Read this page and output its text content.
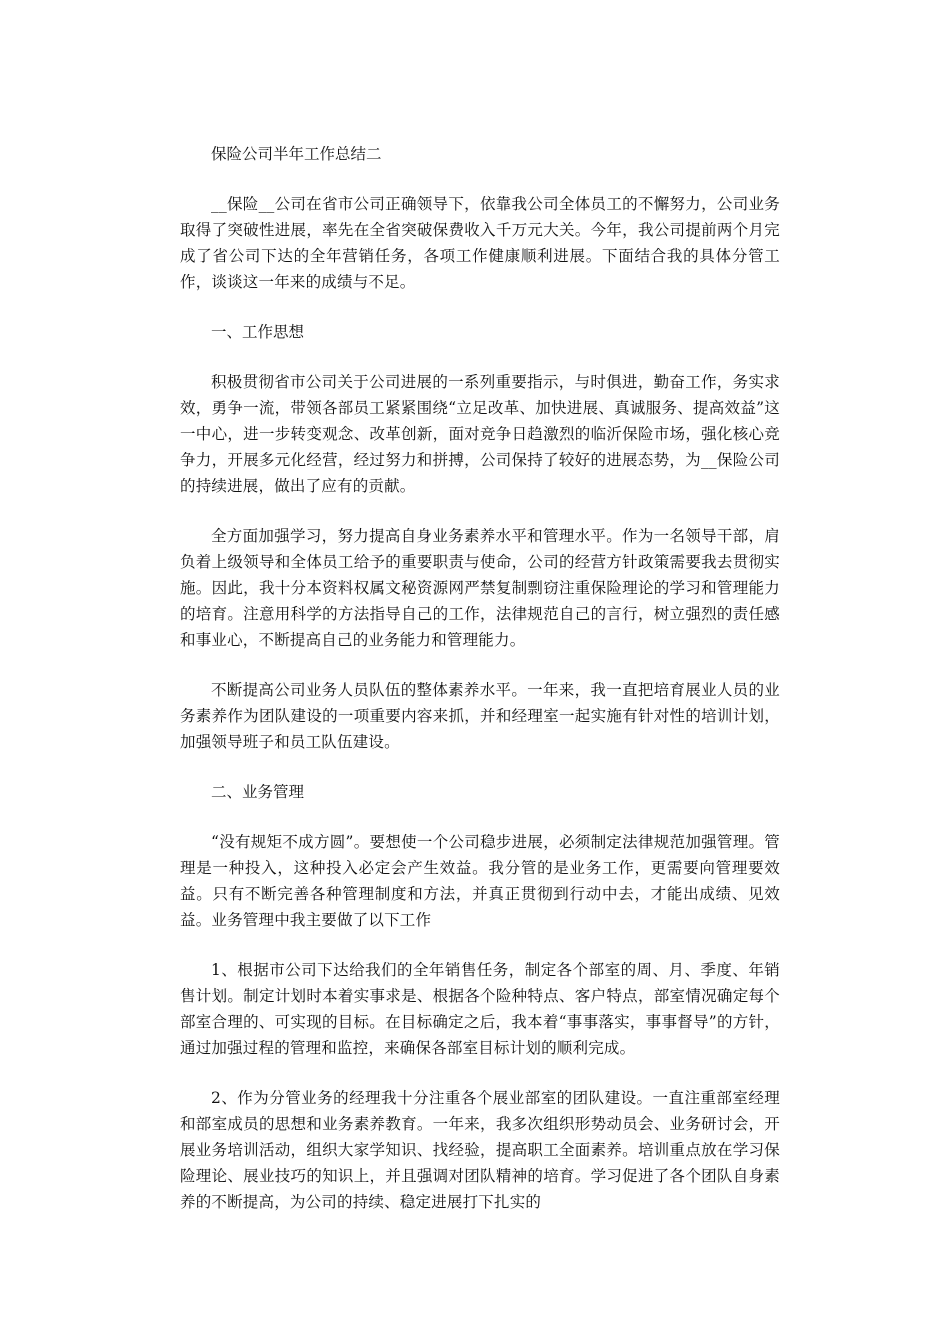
保险公司半年工作总结二

__保险__公司在省市公司正确领导下，依靠我公司全体员工的不懈努力，公司业务取得了突破性进展，率先在全省突破保费收入千万元大关。今年，我公司提前两个月完成了省公司下达的全年营销任务，各项工作健康顺利进展。下面结合我的具体分管工作，谈谈这一年来的成绩与不足。

一、工作思想

积极贯彻省市公司关于公司进展的一系列重要指示，与时俱进，勤奋工作，务实求效，勇争一流，带领各部员工紧紧围绕“立足改革、加快进展、真诚服务、提高效益”这一中心，进一步转变观念、改革创新，面对竞争日趋激烈的临沂保险市场，强化核心竞争力，开展多元化经营，经过努力和拼搏，公司保持了较好的进展态势，为__保险公司的持续进展，做出了应有的贡献。

全方面加强学习，努力提高自身业务素养水平和管理水平。作为一名领导干部，肩负着上级领导和全体员工给予的重要职责与使命，公司的经营方针政策需要我去贯彻实施。因此，我十分本资料权属文秘资源网严禁复制剽窃注重保险理论的学习和管理能力的培育。注意用科学的方法指导自己的工作，法律规范自己的言行，树立强烈的责任感和事业心，不断提高自己的业务能力和管理能力。

不断提高公司业务人员队伍的整体素养水平。一年来，我一直把培育展业人员的业务素养作为团队建设的一项重要内容来抓，并和经理室一起实施有针对性的培训计划，加强领导班子和员工队伍建设。

二、业务管理

“没有规矩不成方圆”。要想使一个公司稳步进展，必须制定法律规范加强管理。管理是一种投入，这种投入必定会产生效益。我分管的是业务工作，更需要向管理要效益。只有不断完善各种管理制度和方法，并真正贯彻到行动中去，才能出成绩、见效益。业务管理中我主要做了以下工作

1、根据市公司下达给我们的全年销售任务，制定各个部室的周、月、季度、年销售计划。制定计划时本着实事求是、根据各个险种特点、客户特点，部室情况确定每个部室合理的、可实现的目标。在目标确定之后，我本着“事事落实，事事督导”的方针，通过加强过程的管理和监控，来确保各部室目标计划的顺利完成。

2、作为分管业务的经理我十分注重各个展业部室的团队建设。一直注重部室经理和部室成员的思想和业务素养教育。一年来，我多次组织形势动员会、业务研讨会，开展业务培训活动，组织大家学知识、找经验，提高职工全面素养。培训重点放在学习保险理论、展业技巧的知识上，并且强调对团队精神的培育。学习促进了各个团队自身素养的不断提高，为公司的持续、稳定进展打下扎实的
